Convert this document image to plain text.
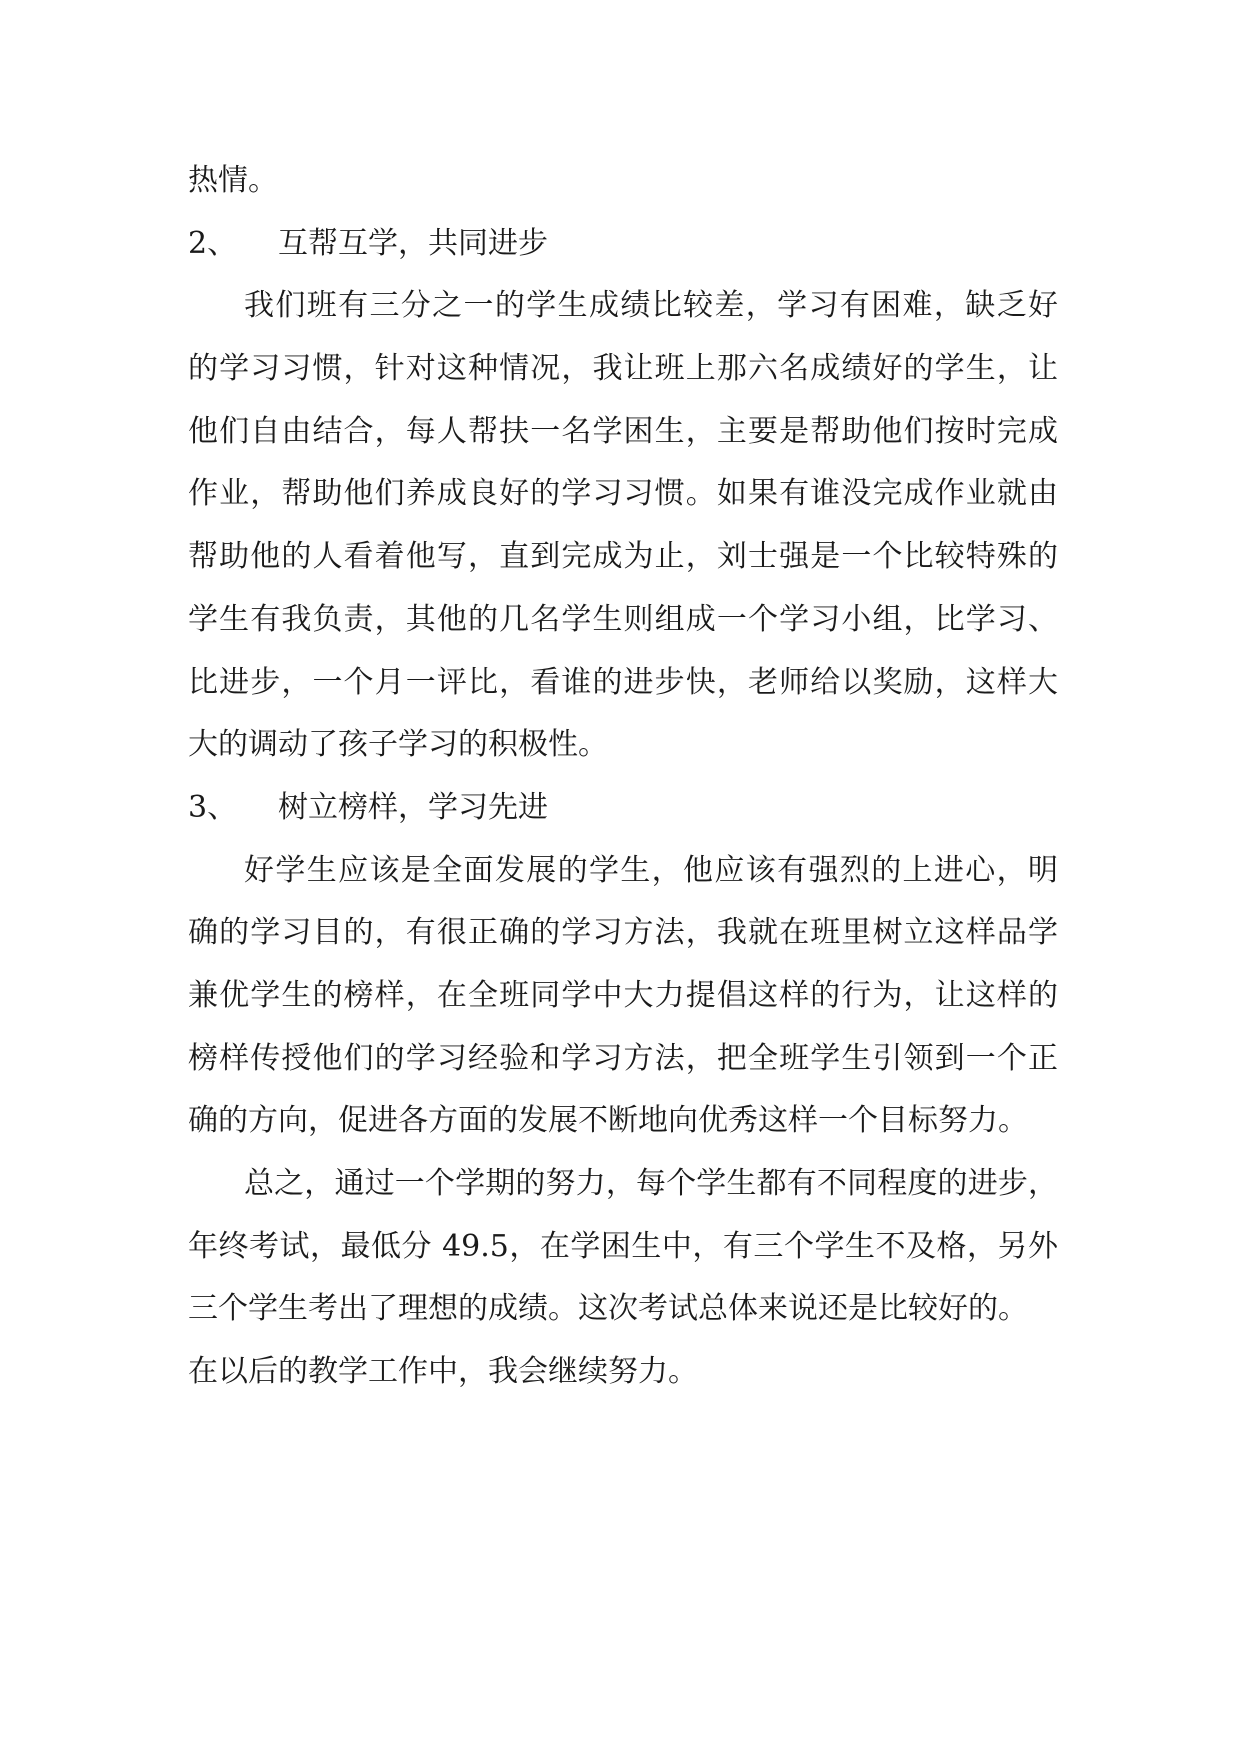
热情。

2、	互帮互学，共同进步

我们班有三分之一的学生成绩比较差，学习有困难，缺乏好

的学习习惯，针对这种情况，我让班上那六名成绩好的学生，让

他们自由结合，每人帮扶一名学困生，主要是帮助他们按时完成

作业，帮助他们养成良好的学习习惯。如果有谁没完成作业就由

帮助他的人看着他写，直到完成为止，刘士强是一个比较特殊的

学生有我负责，其他的几名学生则组成一个学习小组，比学习、

比进步，一个月一评比，看谁的进步快，老师给以奖励，这样大

大的调动了孩子学习的积极性。

3、	树立榜样，学习先进

好学生应该是全面发展的学生，他应该有强烈的上进心，明

确的学习目的，有很正确的学习方法，我就在班里树立这样品学

兼优学生的榜样，在全班同学中大力提倡这样的行为，让这样的

榜样传授他们的学习经验和学习方法，把全班学生引领到一个正

确的方向，促进各方面的发展不断地向优秀这样一个目标努力。

总之，通过一个学期的努力，每个学生都有不同程度的进步，

年终考试，最低分 49.5，在学困生中，有三个学生不及格，另外

三个学生考出了理想的成绩。这次考试总体来说还是比较好的。

在以后的教学工作中，我会继续努力。
